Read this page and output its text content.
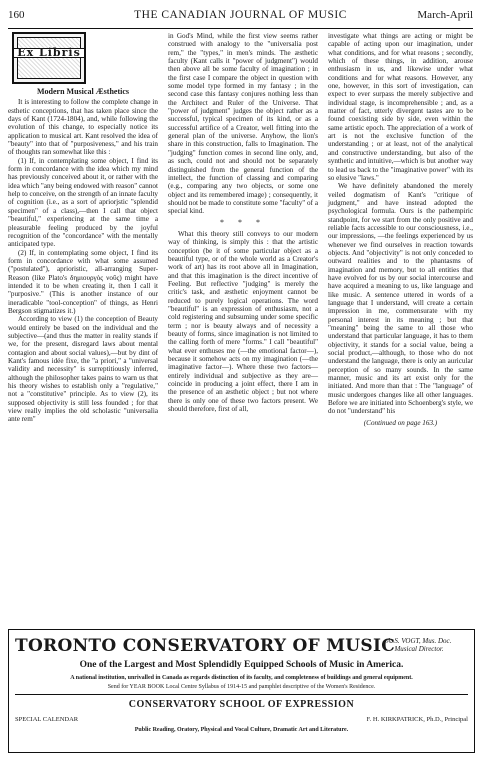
160	THE CANADIAN JOURNAL OF MUSIC	March-April
Ex Libris
Modern Musical Æsthetics

It is interesting to follow the complete change in esthetic conceptions, that has taken place since the days of Kant (1724-1804), and, while following the evolution of this change, to especially notice its application to musical art. Kant resolved the idea of "beauty" into that of "purposiveness," and his train of thoughts ran somewhat like this :

(1) If, in contemplating some object, I find its form in concordance with the idea which my mind has previously conceived about it, or rather with the idea which "any being endowed with reason" cannot help to conceive, on the strength of an innate faculty of cognition (i.e., as a sort of apriorjstic "splendid specimen" of a class),—then I call that object "beautiful," experiencing at the same time a pleasurable feeling produced by the joyful recognition of the "concordance" with the mentally anticipated type.

(2) If, in contemplating some object, I find its form in concordance with what some assumed ("postulated"), aprioristic, all-arranging Super-Reason (like Plato's δημιουργὸς νοῦς) might have intended it to be when creating it, then I call it "purposive." (This is another instance of our ineradicable "tool-conception" of things, as Henri Bergson stigmatizes it.)

According to view (1) the conception of Beauty would entirely be based on the individual and the subjective—(and thus the matter in reality stands if we, for the present, disregard laws about mental contagion and about social values),—but by dint of Kant's famous idée fixe, the "a priori," a "universal validity and necessity" is surreptitiously inferred, although the philosopher takes pains to warn us that his theory wishes to establish only a "regulative," not a "constitutive" principle. As to view (2), its supposed objectivity is still less founded ; for that view really implies the old scholastic "universalia ante rem"

in God's Mind, while the first view seems rather construed with analogy to the "universalia post rem," the "types," in men's minds. The æsthetic faculty (Kant calls it "power of judgment") would then above all be some faculty of imagination ; in the first case I compare the object in question with some model type formed in my fantasy ; in the second case this fantasy conjures nothing less than the Architect and Ruler of the Universe. That "power of judgment" judges the object rather as a successful, typical specimen of its kind, or as a successful artifice of a Creator, well fitting into the general plan of the universe. Anyhow, the lion's share in this construction, falls to Imagination. The "judging" function comes in second line only, and, as such, could not and should not be separately distinguished from the general function of the intellect, the function of classing and comparing (e.g., comparing any two objects, or some one object and its remembered image) ; consequently, it should not be made to constitute some "faculty" of a special kind.

* * *

What this theory still conveys to our modern way of thinking, is simply this : that the artistic conception (be it of some particular object as a beautiful type, or of the whole world as a Creator's work of art) has its root above all in Imagination, and that this imagination is the direct incentive of Feeling. But reflective "judging" is merely the critic's task, and æsthetic enjoyment cannot be reduced to purely logical operations. The word "beautiful" is an expression of enthusiasm, not a cold registering and subsuming under some specific term ; nor is beauty always and of necessity a beauty of forms, since imagination is not limited to the calling forth of mere "forms." I call "beautiful" what ever enthuses me (—the emotional factor—), because it somehow acts on my imagination (—the imaginative factor—). Where these two factors—entirely individual and subjective as they are—coincide in producing a joint effect, there I am in the presence of an æsthetic object ; but not where there is only one of these two factors present. We should therefore, first of all,

investigate what things are acting or might be capable of acting upon our imagination, under what conditions, and for what reasons ; secondly, which of these things, in addition, arouse enthusiasm in us, and likewise under what conditions and for what reasons. However, any one, however, in this sort of investigation, can expect to ever surpass the merely subjective and individual stage, is incomprehensible ; and, as a matter of fact, utterly divergent tastes are to be found coexisting side by side, even within the same artistic epoch. The appreciation of a work of art is not the exclusive function of the understanding ; or at least, not of the analytical and constructive understanding, but also of the synthetic and intuitive,—which is but another way to lead us back to the "imaginative power" with its so elusive "laws."

We have definitely abandoned the merely veiled dogmatism of Kant's "critique of judgment," and have instead adopted the psychological formula. Ours is the pathempiric standpoint, for we start from the only positive and reliable facts accessible to our consciousness, i.e., our impressions, —the feelings experienced by us whenever we find ourselves in reaction towards objects. And "objectivity" is not only conceded to outward realities and to the phantasms of imagination and memory, but to all entities that have evolved for us by our social intercourse and have acquired a meaning to us, like language and like music. A sentence uttered in words of a language that I understand, will create a certain impression in me, commensurate with my personal interest in its meaning ; but that "meaning" being the same to all those who understand that particular language, it has to them objectivity, it stands for a social value, being a social product,—although, to those who do not understand the language, there is only an auricular perception of so many sounds. In the same manner, music and its art exist only for the initiated. And more than that : The "language" of music undergoes changes like all other languages. Before we are initiated into Schoenberg's style, we do not "understand" his

(Continued on page 163.)
TORONTO CONSERVATORY OF MUSIC
A. S. VOGT, Mus. Doc.
Musical Director.
One of the Largest and Most Splendidly Equipped Schools of Music in America.
A national institution, unrivalled in Canada as regards distinction of its faculty, and completeness of buildings and general equipment.
Send for YEAR BOOK Local Centre Syllabus of 1914-15 and pamphlet descriptive of the Women's Residence.
CONSERVATORY SCHOOL OF EXPRESSION
SPECIAL CALENDAR	F. H. KIRKPATRICK, Ph.D., Principal
Public Reading, Oratory, Physical and Vocal Culture, Dramatic Art and Literature.
